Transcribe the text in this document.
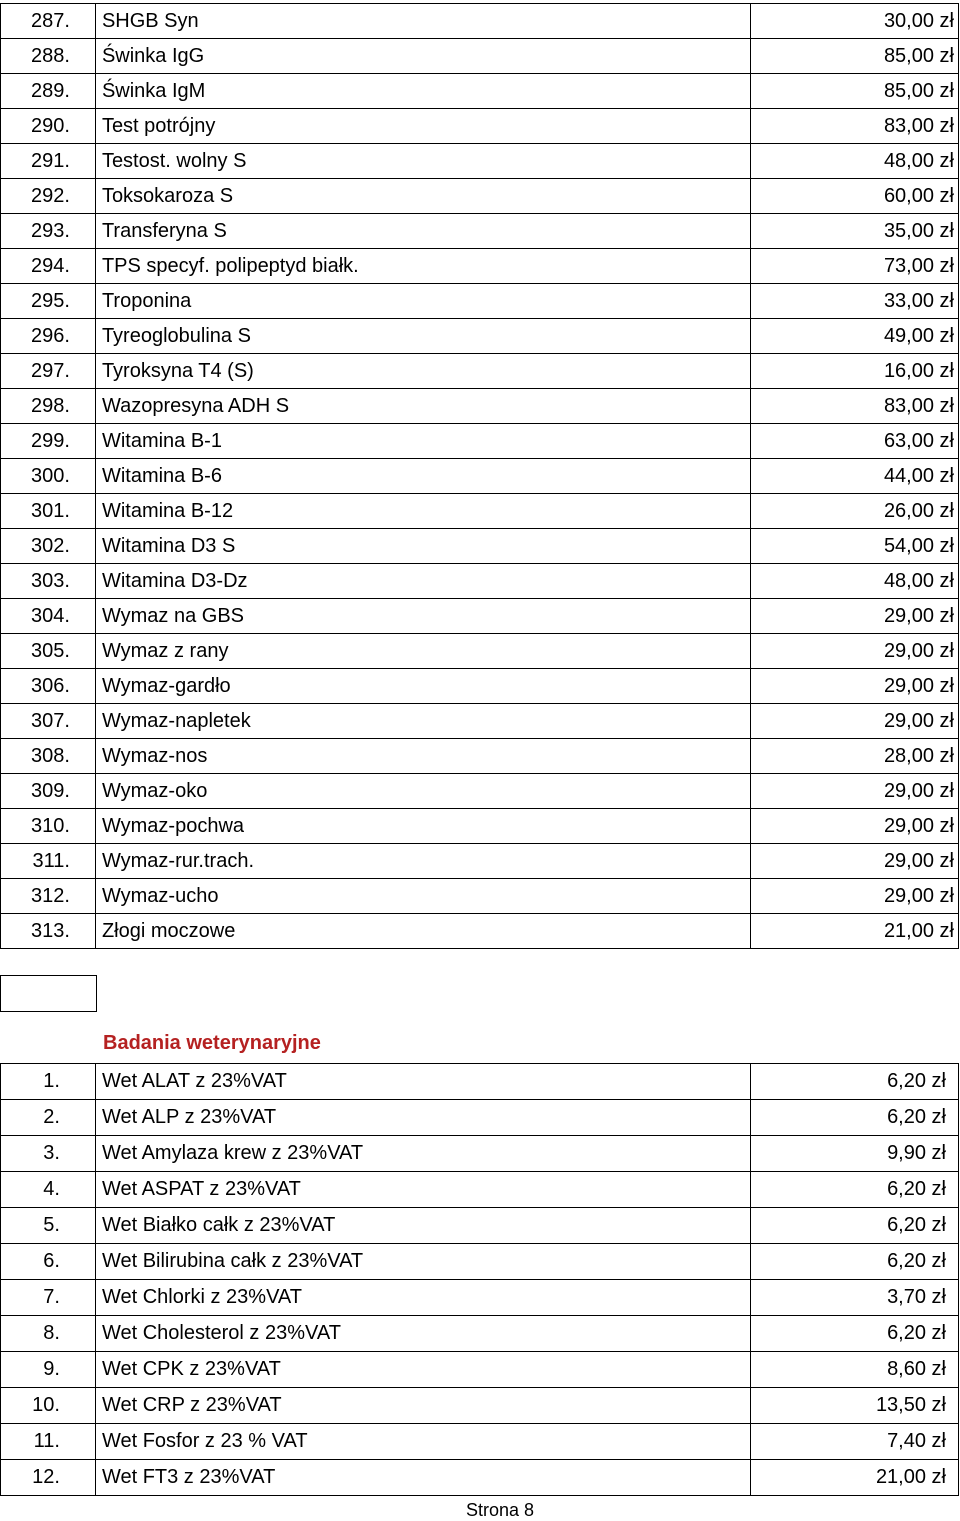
287.	SHGB Syn	30,00 zł
288.	Świnka IgG	85,00 zł
289.	Świnka IgM	85,00 zł
290.	Test potrójny	83,00 zł
291.	Testost. wolny S	48,00 zł
292.	Toksokaroza S	60,00 zł
293.	Transferyna S	35,00 zł
294.	TPS specyf. polipeptyd białk.	73,00 zł
295.	Troponina	33,00 zł
296.	Tyreoglobulina S	49,00 zł
297.	Tyroksyna T4 (S)	16,00 zł
298.	Wazopresyna ADH S	83,00 zł
299.	Witamina B-1	63,00 zł
300.	Witamina B-6	44,00 zł
301.	Witamina B-12	26,00 zł
302.	Witamina D3 S	54,00 zł
303.	Witamina D3-Dz	48,00 zł
304.	Wymaz na GBS	29,00 zł
305.	Wymaz z rany	29,00 zł
306.	Wymaz-gardło	29,00 zł
307.	Wymaz-napletek	29,00 zł
308.	Wymaz-nos	28,00 zł
309.	Wymaz-oko	29,00 zł
310.	Wymaz-pochwa	29,00 zł
311.	Wymaz-rur.trach.	29,00 zł
312.	Wymaz-ucho	29,00 zł
313.	Złogi moczowe	21,00 zł

Badania weterynaryjne
1.	Wet ALAT z 23%VAT	6,20 zł
2.	Wet ALP z 23%VAT	6,20 zł
3.	Wet Amylaza krew z 23%VAT	9,90 zł
4.	Wet ASPAT z 23%VAT	6,20 zł
5.	Wet Białko całk z 23%VAT	6,20 zł
6.	Wet Bilirubina całk z 23%VAT	6,20 zł
7.	Wet Chlorki z 23%VAT	3,70 zł
8.	Wet Cholesterol z 23%VAT	6,20 zł
9.	Wet CPK z 23%VAT	8,60 zł
10.	Wet CRP z 23%VAT	13,50 zł
11.	Wet Fosfor z 23 % VAT	7,40 zł
12.	Wet FT3 z 23%VAT	21,00 zł
Strona 8
